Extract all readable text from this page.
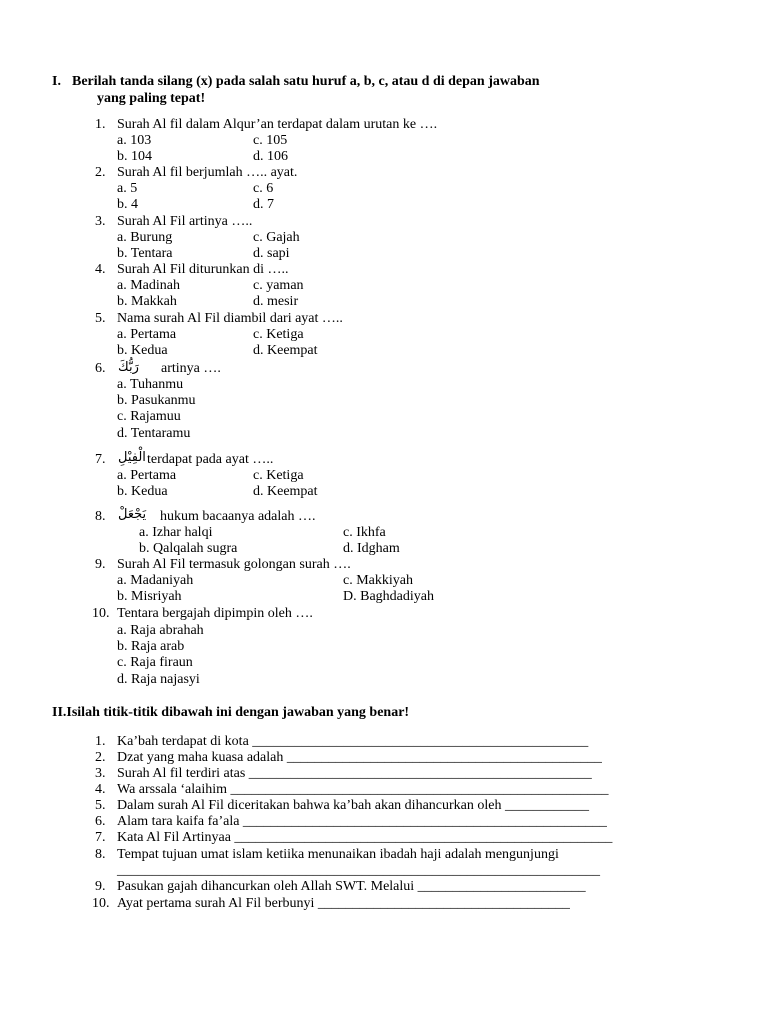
I. Berilah tanda silang (x) pada salah satu huruf a, b, c, atau d di depan jawaban
yang paling tepat!
1. Surah Al fil dalam Alqur’an terdapat dalam urutan ke ….
a. 103	c. 105
b. 104	d. 106
2. Surah Al fil berjumlah ….. ayat.
a. 5	c. 6
b. 4	d. 7
3. Surah Al Fil artinya …..
a. Burung	c. Gajah
b. Tentara	d. sapi
4. Surah Al Fil diturunkan di …..
a. Madinah	c. yaman
b. Makkah	d. mesir
5. Nama surah Al Fil diambil dari ayat …..
a. Pertama	c. Ketiga
b. Kedua	d. Keempat
6. رَبُّكَ artinya ….
a. Tuhanmu
b. Pasukanmu
c. Rajamuu
d. Tentaramu
7. الْفِيْلِ terdapat pada ayat …..
a. Pertama	c. Ketiga
b. Kedua	d. Keempat
8. يَجْعَلْ hukum bacaanya adalah ….
a. Izhar halqi	c. Ikhfa
b. Qalqalah sugra	d. Idgham
9. Surah Al Fil termasuk golongan surah ….
a. Madaniyah	c. Makkiyah
b. Misriyah	D. Baghdadiyah
10. Tentara bergajah dipimpin oleh ….
a. Raja abrahah
b. Raja arab
c. Raja firaun
d. Raja najasyi
II.Isilah titik-titik dibawah ini dengan jawaban yang benar!
1. Ka’bah terdapat di kota ________________________________________________
2. Dzat yang maha kuasa adalah _____________________________________________
3. Surah Al fil terdiri atas _________________________________________________
4. Wa arssala ‘alaihim ______________________________________________________
5. Dalam surah Al Fil diceritakan bahwa ka’bah akan dihancurkan oleh ____________
6. Alam tara kaifa fa’ala ____________________________________________________
7. Kata Al Fil Artinyaa ______________________________________________________
8. Tempat tujuan umat islam ketiika menunaikan ibadah haji adalah mengunjungi
_____________________________________________________________________
9. Pasukan gajah dihancurkan oleh Allah SWT. Melalui ________________________
10. Ayat pertama surah Al Fil berbunyi ____________________________________
